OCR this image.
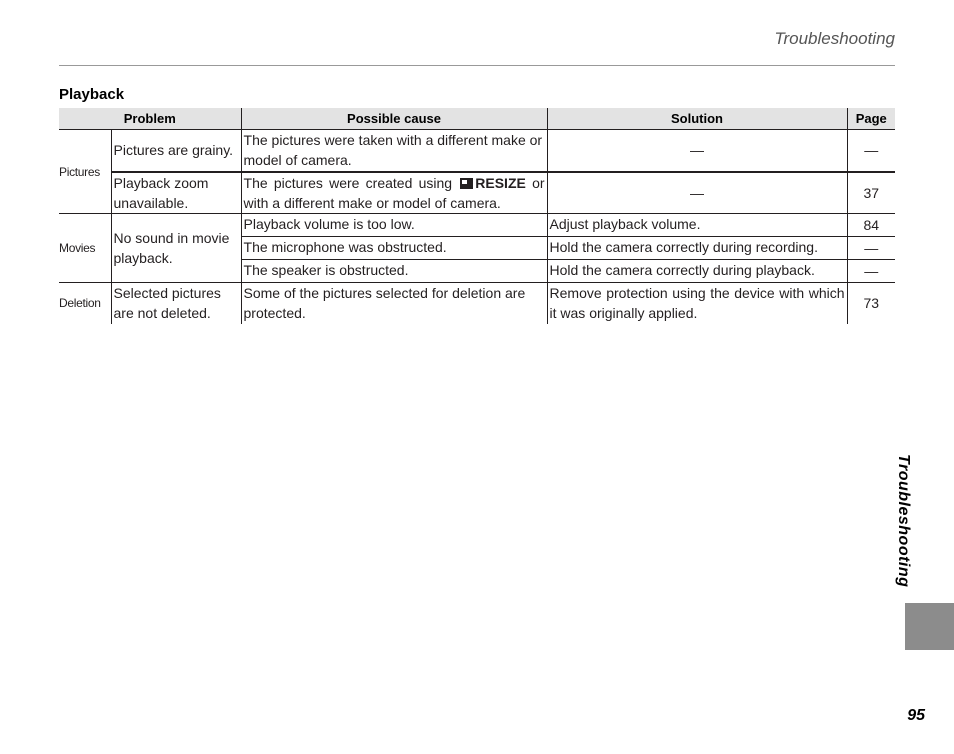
Troubleshooting
Playback
Problem		Possible cause	Solution	Page
Pictures	Pictures are grainy.	The pictures were taken with a different make or model of camera.	—	—
	Playback zoom unavailable.	The pictures were created using RESIZE or with a different make or model of camera.	—	37
Movies	No sound in movie playback.	Playback volume is too low.	Adjust playback volume.	84
		The microphone was obstructed.	Hold the camera correctly during recording.	—
		The speaker is obstructed.	Hold the camera correctly during playback.	—
Deletion	Selected pictures are not deleted.	Some of the pictures selected for deletion are protected.	Remove protection using the device with which it was originally applied.	73
Troubleshooting
95
